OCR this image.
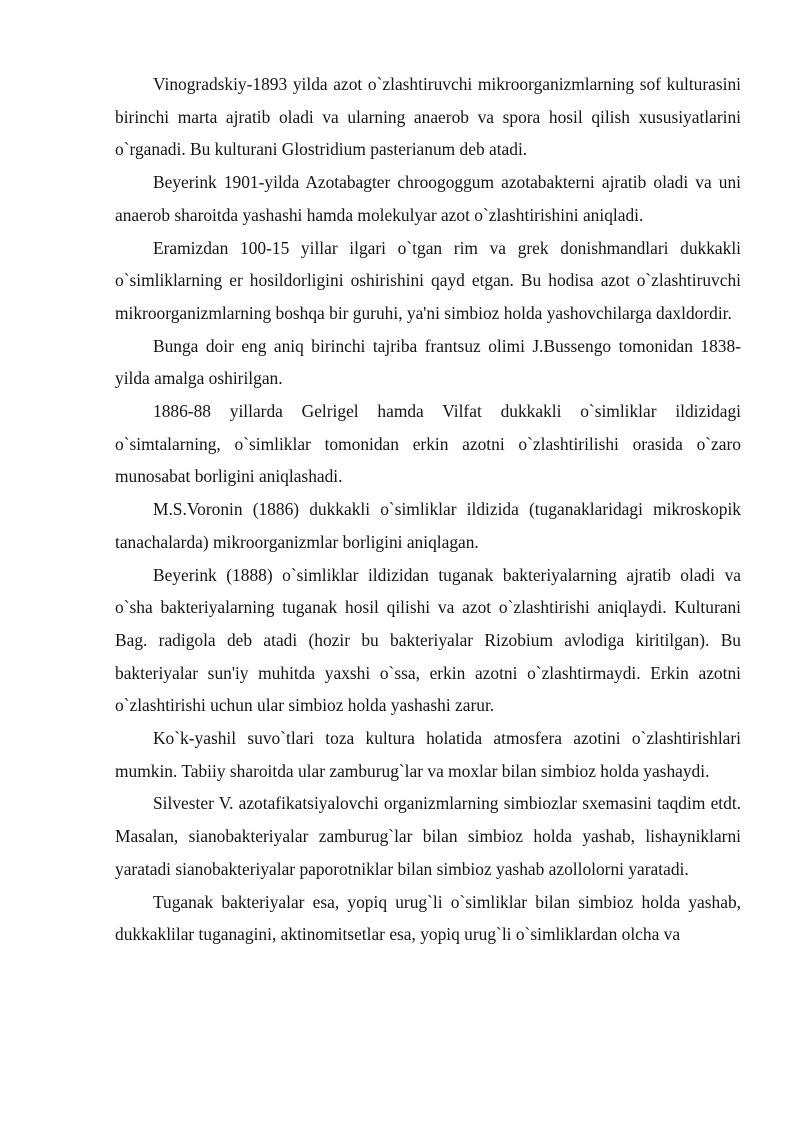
Vinogradskiy-1893 yilda azot o`zlashtiruvchi mikroorganizmlarning sof kulturasini birinchi marta ajratib oladi va ularning anaerob va spora hosil qilish xususiyatlarini o`rganadi. Bu kulturani Glostridium pasterianum deb atadi.

Beyerink 1901-yilda Azotabagter chroogoggum azotabakterni ajratib oladi va uni anaerob sharoitda yashashi hamda molekulyar azot o`zlashtirishini aniqladi.

Eramizdan 100-15 yillar ilgari o`tgan rim va grek donishmandlari dukkakli o`simliklarning er hosildorligini oshirishini qayd etgan. Bu hodisa azot o`zlashtiruvchi mikroorganizmlarning boshqa bir guruhi, ya'ni simbioz holda yashovchilarga daxldordir.

Bunga doir eng aniq birinchi tajriba frantsuz olimi J.Bussengo tomonidan 1838-yilda amalga oshirilgan.

1886-88 yillarda Gelrigel hamda Vilfat dukkakli o`simliklar ildizidagi o`simtalarning, o`simliklar tomonidan erkin azotni o`zlashtirilishi orasida o`zaro munosabat borligini aniqlashadi.

M.S.Voronin (1886) dukkakli o`simliklar ildizida (tuganaklaridagi mikroskopik tanachalarda) mikroorganizmlar borligini aniqlagan.

Beyerink (1888) o`simliklar ildizidan tuganak bakteriyalarning ajratib oladi va o`sha bakteriyalarning tuganak hosil qilishi va azot o`zlashtirishi aniqlaydi. Kulturani Bag. radigola deb atadi (hozir bu bakteriyalar Rizobium avlodiga kiritilgan). Bu bakteriyalar sun'iy muhitda yaxshi o`ssa, erkin azotni o`zlashtirmaydi. Erkin azotni o`zlashtirishi uchun ular simbioz holda yashashi zarur.

Ko`k-yashil suvo`tlari toza kultura holatida atmosfera azotini o`zlashtirishlari mumkin. Tabiiy sharoitda ular zamburug`lar va moxlar bilan simbioz holda yashaydi.

Silvester V. azotafikatsiyalovchi organizmlarning simbiozlar sxemasini taqdim etdt. Masalan, sianobakteriyalar zamburug`lar bilan simbioz holda yashab, lishayniklarni yaratadi sianobakteriyalar paporotniklar bilan simbioz yashab azollolorni yaratadi.

Tuganak bakteriyalar esa, yopiq urug`li o`simliklar bilan simbioz holda yashab, dukkaklilar tuganagini, aktinomitsetlar esa, yopiq urug`li o`simliklardan olcha va
